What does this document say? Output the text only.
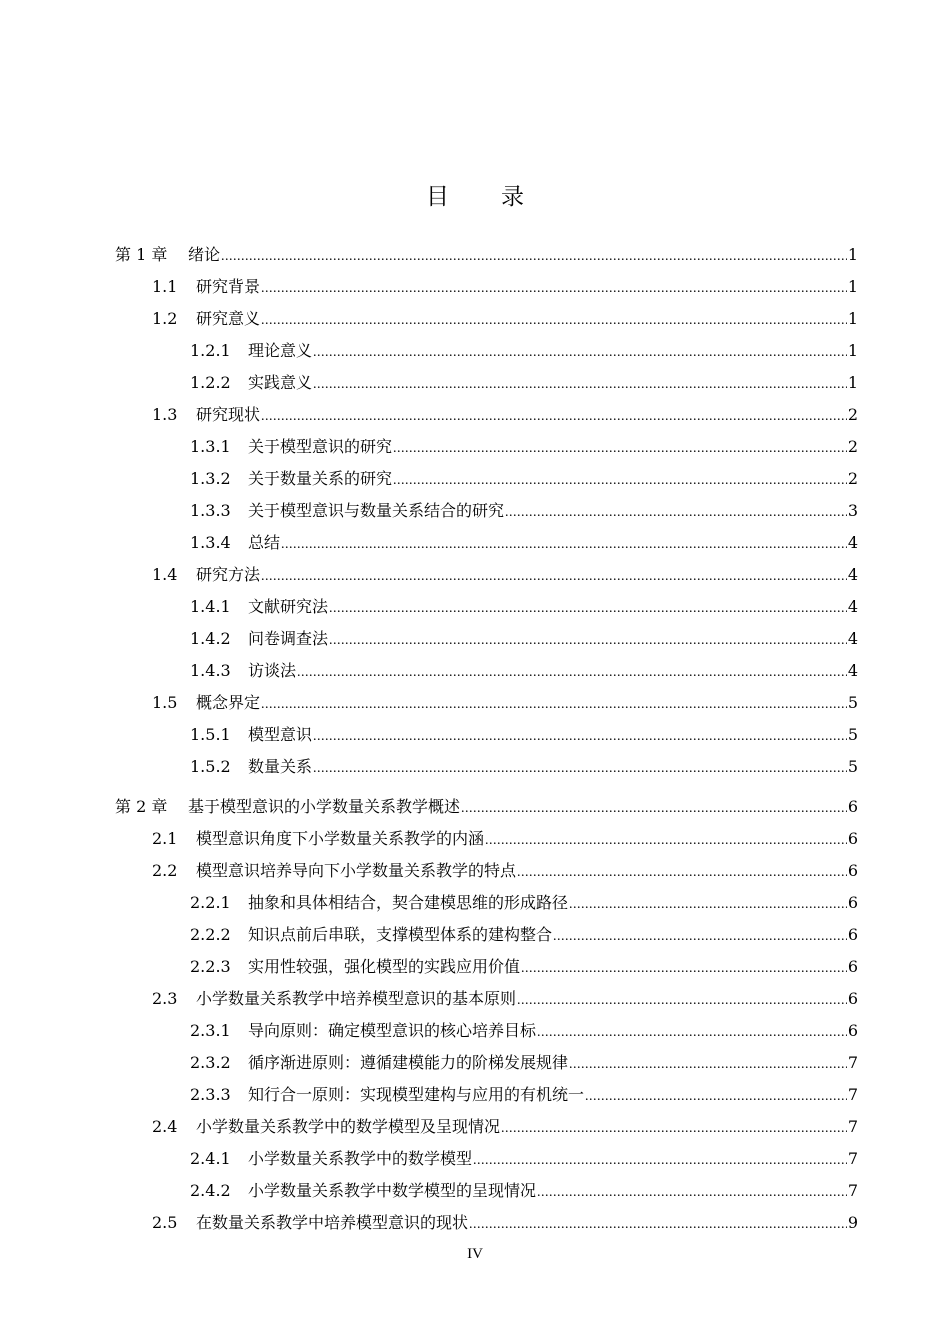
目 录
第 1 章	绪论 .....	1
1.1	研究背景 .....	1
1.2	研究意义 .....	1
1.2.1	理论意义 .....	1
1.2.2	实践意义 .....	1
1.3	研究现状 .....	2
1.3.1	关于模型意识的研究 .....	2
1.3.2	关于数量关系的研究 .....	2
1.3.3	关于模型意识与数量关系结合的研究 .....	3
1.3.4	总结 .....	4
1.4	研究方法 .....	4
1.4.1	文献研究法 .....	4
1.4.2	问卷调查法 .....	4
1.4.3	访谈法 .....	4
1.5	概念界定 .....	5
1.5.1	模型意识 .....	5
1.5.2	数量关系 .....	5
第 2 章	基于模型意识的小学数量关系教学概述 .....	6
2.1	模型意识角度下小学数量关系教学的内涵 .....	6
2.2	模型意识培养导向下小学数量关系教学的特点 .....	6
2.2.1	抽象和具体相结合，契合建模思维的形成路径 .....	6
2.2.2	知识点前后串联，支撑模型体系的建构整合 .....	6
2.2.3	实用性较强，强化模型的实践应用价值 .....	6
2.3	小学数量关系教学中培养模型意识的基本原则 .....	6
2.3.1	导向原则：确定模型意识的核心培养目标 .....	6
2.3.2	循序渐进原则：遵循建模能力的阶梯发展规律 .....	7
2.3.3	知行合一原则：实现模型建构与应用的有机统一 .....	7
2.4	小学数量关系教学中的数学模型及呈现情况 .....	7
2.4.1	小学数量关系教学中的数学模型 .....	7
2.4.2	小学数量关系教学中数学模型的呈现情况 .....	7
2.5	在数量关系教学中培养模型意识的现状 .....	9
IV
